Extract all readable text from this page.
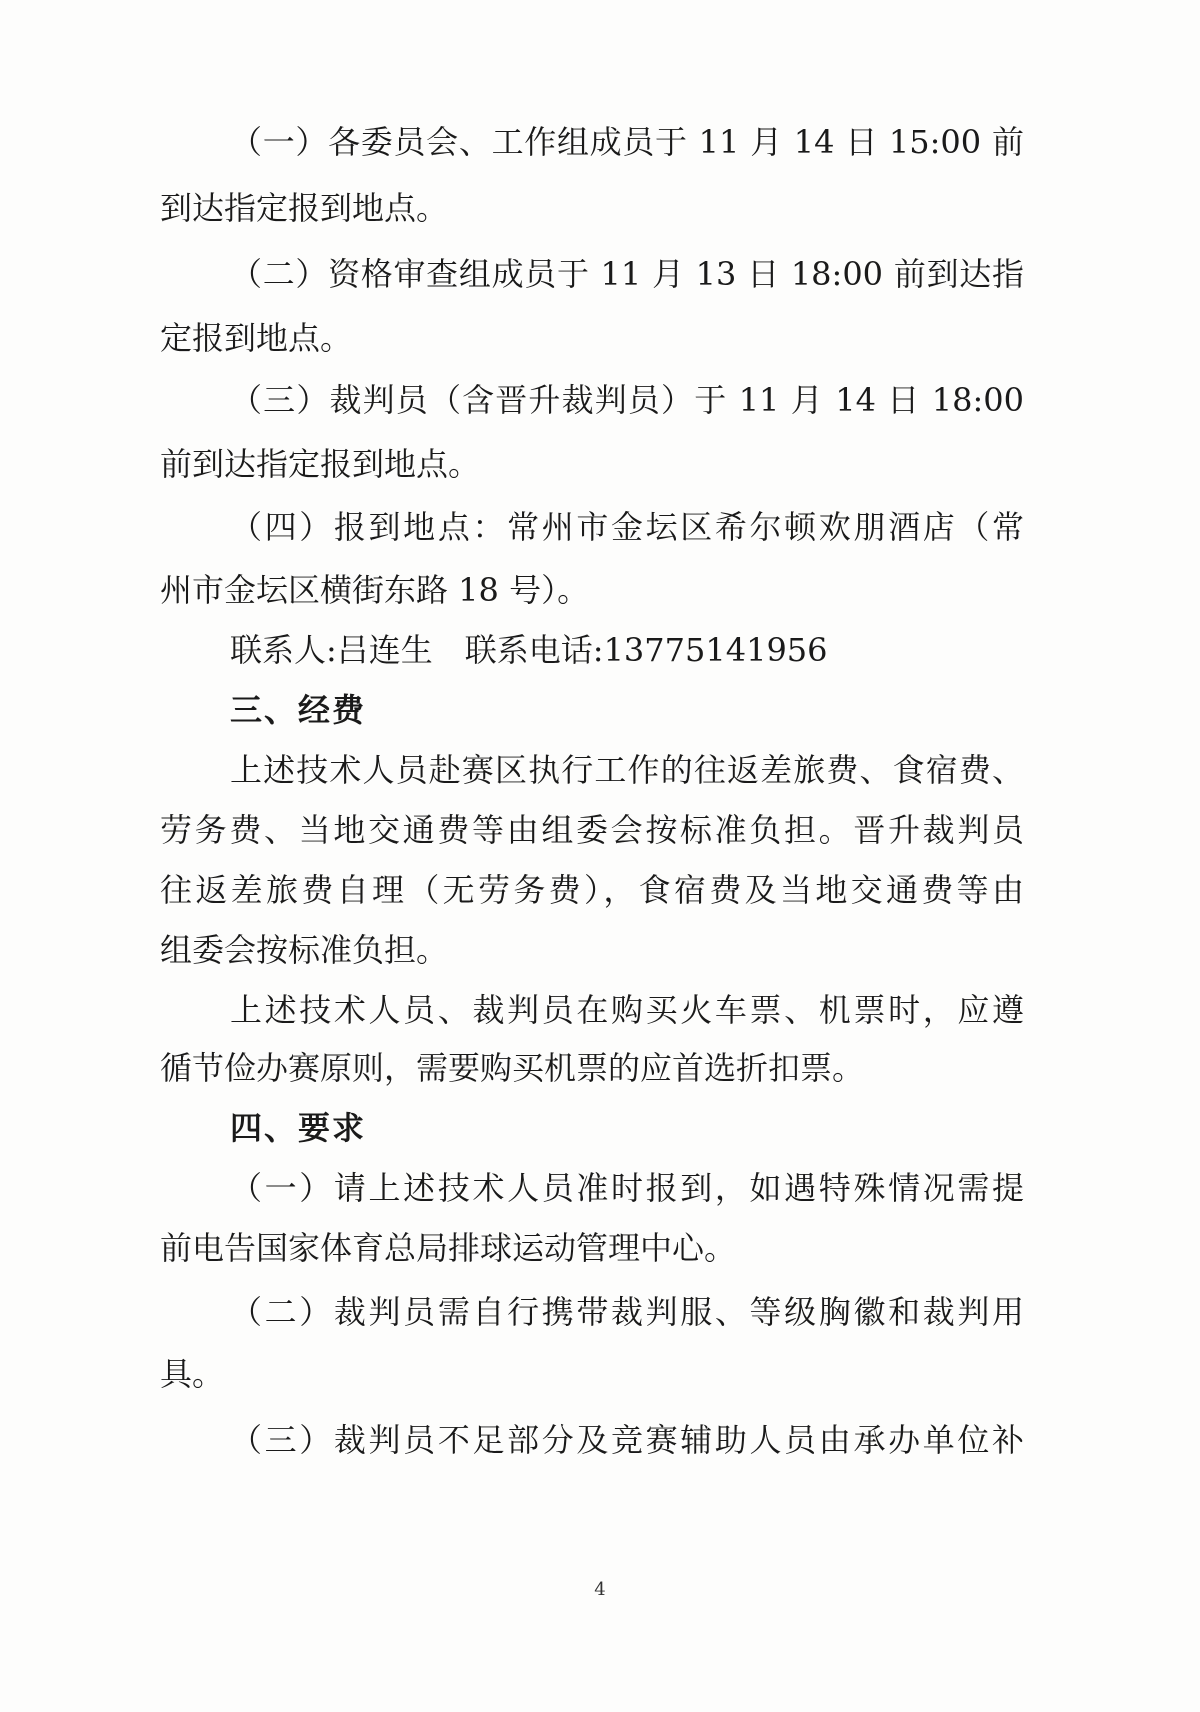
（一）各委员会、工作组成员于 11 月 14 日 15:00 前
到达指定报到地点。
（二）资格审查组成员于 11 月 13 日 18:00 前到达指
定报到地点。
（三）裁判员（含晋升裁判员）于 11 月 14 日 18:00
前到达指定报到地点。
（四）报到地点：常州市金坛区希尔顿欢朋酒店（常
州市金坛区横街东路 18 号）。
联系人:吕连生　联系电话:13775141956
三、经费
上述技术人员赴赛区执行工作的往返差旅费、食宿费、
劳务费、当地交通费等由组委会按标准负担。晋升裁判员
往返差旅费自理（无劳务费），食宿费及当地交通费等由
组委会按标准负担。
上述技术人员、裁判员在购买火车票、机票时，应遵
循节俭办赛原则，需要购买机票的应首选折扣票。
四、要求
（一）请上述技术人员准时报到，如遇特殊情况需提
前电告国家体育总局排球运动管理中心。
（二）裁判员需自行携带裁判服、等级胸徽和裁判用
具。
（三）裁判员不足部分及竞赛辅助人员由承办单位补
4
